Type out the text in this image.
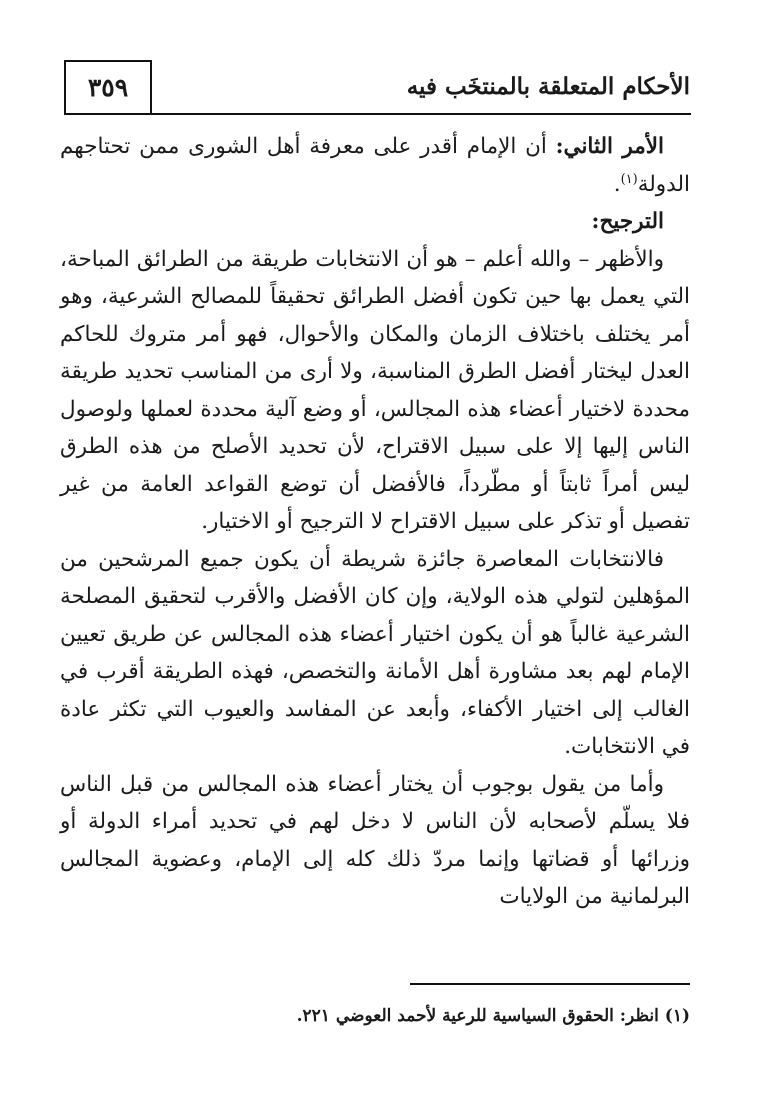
٣٥٩	الأحكام المتعلقة بالمنتخَب فيه

الأمر الثاني: أن الإمام أقدر على معرفة أهل الشورى ممن تحتاجهم الدولة$^{(١)}$.

الترجيح:

والأظهر – والله أعلم – هو أن الانتخابات طريقة من الطرائق المباحة، التي يعمل بها حين تكون أفضل الطرائق تحقيقاً للمصالح الشرعية، وهو أمر يختلف باختلاف الزمان والمكان والأحوال، فهو أمر متروك للحاكم العدل ليختار أفضل الطرق المناسبة، ولا أرى من المناسب تحديد طريقة محددة لاختيار أعضاء هذه المجالس، أو وضع آلية محددة لعملها ولوصول الناس إليها إلا على سبيل الاقتراح، لأن تحديد الأصلح من هذه الطرق ليس أمراً ثابتاً أو مطّرداً، فالأفضل أن توضع القواعد العامة من غير تفصيل أو تذكر على سبيل الاقتراح لا الترجيح أو الاختيار.

فالانتخابات المعاصرة جائزة شريطة أن يكون جميع المرشحين من المؤهلين لتولي هذه الولاية، وإن كان الأفضل والأقرب لتحقيق المصلحة الشرعية غالباً هو أن يكون اختيار أعضاء هذه المجالس عن طريق تعيين الإمام لهم بعد مشاورة أهل الأمانة والتخصص، فهذه الطريقة أقرب في الغالب إلى اختيار الأكفاء، وأبعد عن المفاسد والعيوب التي تكثر عادة في الانتخابات.

وأما من يقول بوجوب أن يختار أعضاء هذه المجالس من قبل الناس فلا يسلّم لأصحابه لأن الناس لا دخل لهم في تحديد أمراء الدولة أو وزرائها أو قضاتها وإنما مردّ ذلك كله إلى الإمام، وعضوية المجالس البرلمانية من الولايات

(١) انظر: الحقوق السياسية للرعية لأحمد العوضي ٢٢١.
